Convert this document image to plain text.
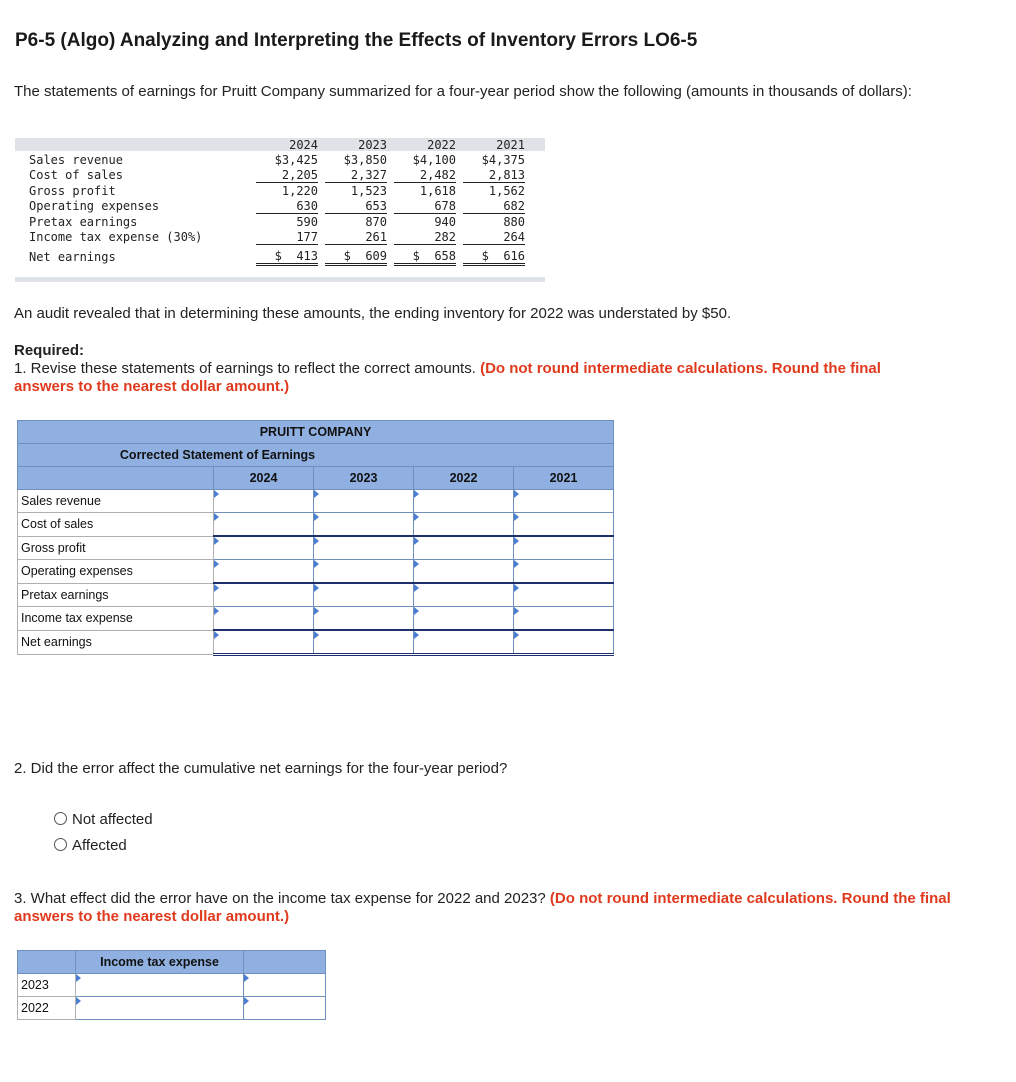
P6-5 (Algo) Analyzing and Interpreting the Effects of Inventory Errors LO6-5
The statements of earnings for Pruitt Company summarized for a four-year period show the following (amounts in thousands of dollars):
2024	2023	2022	2021
Sales revenue	$3,425	$3,850	$4,100	$4,375
Cost of sales	2,205	2,327	2,482	2,813
Gross profit	1,220	1,523	1,618	1,562
Operating expenses	630	653	678	682
Pretax earnings	590	870	940	880
Income tax expense (30%)	177	261	282	264
Net earnings	$  413	$  609	$  658	$  616
An audit revealed that in determining these amounts, the ending inventory for 2022 was understated by $50.
Required:
1. Revise these statements of earnings to reflect the correct amounts. (Do not round intermediate calculations. Round the final answers to the nearest dollar amount.)
PRUITT COMPANY				
Corrected Statement of Earnings				
	2024	2023	2022	2021
Sales revenue				
Cost of sales				
Gross profit				
Operating expenses				
Pretax earnings				
Income tax expense				
Net earnings				
2. Did the error affect the cumulative net earnings for the four-year period?
Not affected
Affected
3. What effect did the error have on the income tax expense for 2022 and 2023? (Do not round intermediate calculations. Round the final answers to the nearest dollar amount.)
	Income tax expense	
2023		
2022		
